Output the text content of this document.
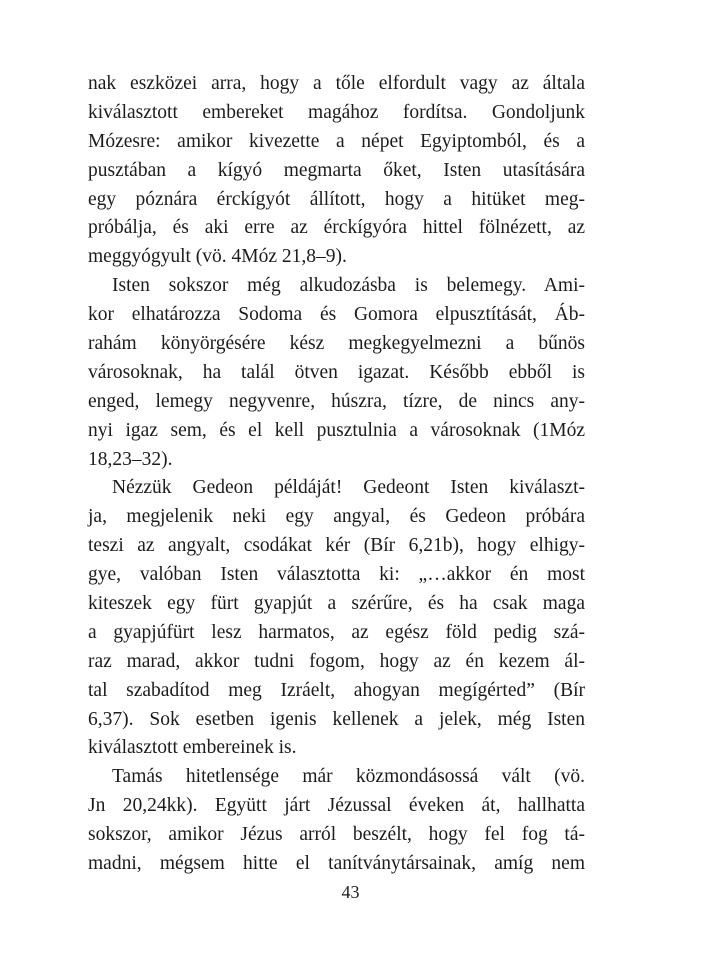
nak eszközei arra, hogy a tőle elfordult vagy az általa
kiválasztott embereket magához fordítsa. Gondoljunk
Mózesre: amikor kivezette a népet Egyiptomból, és a
pusztában a kígyó megmarta őket, Isten utasítására
egy póznára érckígyót állított, hogy a hitüket meg-
próbálja, és aki erre az érckígyóra hittel fölnézett, az
meggyógyult (vö. 4Móz 21,8–9).
Isten sokszor még alkudozásba is belemegy. Ami-
kor elhatározza Sodoma és Gomora elpusztítását, Áb-
rahám könyörgésére kész megkegyelmezni a bűnös
városoknak, ha talál ötven igazat. Később ebből is
enged, lemegy negyvenre, húszra, tízre, de nincs any-
nyi igaz sem, és el kell pusztulnia a városoknak (1Móz
18,23–32).
Nézzük Gedeon példáját! Gedeont Isten kiválaszt-
ja, megjelenik neki egy angyal, és Gedeon próbára
teszi az angyalt, csodákat kér (Bír 6,21b), hogy elhigy-
gye, valóban Isten választotta ki: „…akkor én most
kiteszek egy fürt gyapjút a szérűre, és ha csak maga
a gyapjúfürt lesz harmatos, az egész föld pedig szá-
raz marad, akkor tudni fogom, hogy az én kezem ál-
tal szabadítod meg Izráelt, ahogyan megígérted” (Bír
6,37). Sok esetben igenis kellenek a jelek, még Isten
kiválasztott embereinek is.
Tamás hitetlensége már közmondásossá vált (vö.
Jn 20,24kk). Együtt járt Jézussal éveken át, hallhatta
sokszor, amikor Jézus arról beszélt, hogy fel fog tá-
madni, mégsem hitte el tanítványtársainak, amíg nem
43
